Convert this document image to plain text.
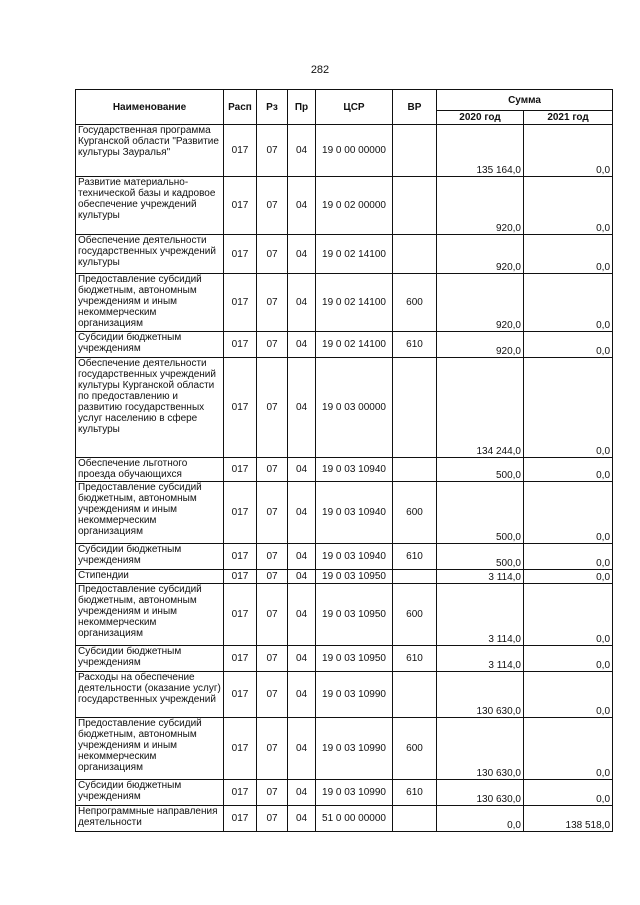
282
Наименование	Расп	Рз	Пр	ЦСР	ВР	Сумма	
						2020 год	2021 год
Государственная программа Курганской области "Развитие культуры Зауралья"	017	07	04	19 0 00 00000		135 164,0	0,0
Развитие материально-технической базы и кадровое обеспечение учреждений культуры	017	07	04	19 0 02 00000		920,0	0,0
Обеспечение деятельности государственных учреждений культуры	017	07	04	19 0 02 14100		920,0	0,0
Предоставление субсидий бюджетным, автономным учреждениям и иным некоммерческим организациям	017	07	04	19 0 02 14100	600	920,0	0,0
Субсидии бюджетным учреждениям	017	07	04	19 0 02 14100	610	920,0	0,0
Обеспечение деятельности государственных учреждений культуры Курганской области по предоставлению и развитию государственных услуг населению в сфере культуры	017	07	04	19 0 03 00000		134 244,0	0,0
Обеспечение льготного проезда обучающихся	017	07	04	19 0 03 10940		500,0	0,0
Предоставление субсидий бюджетным, автономным учреждениям и иным некоммерческим организациям	017	07	04	19 0 03 10940	600	500,0	0,0
Субсидии бюджетным учреждениям	017	07	04	19 0 03 10940	610	500,0	0,0
Стипендии	017	07	04	19 0 03 10950		3 114,0	0,0
Предоставление субсидий бюджетным, автономным учреждениям и иным некоммерческим организациям	017	07	04	19 0 03 10950	600	3 114,0	0,0
Субсидии бюджетным учреждениям	017	07	04	19 0 03 10950	610	3 114,0	0,0
Расходы на обеспечение деятельности (оказание услуг) государственных учреждений	017	07	04	19 0 03 10990		130 630,0	0,0
Предоставление субсидий бюджетным, автономным учреждениям и иным некоммерческим организациям	017	07	04	19 0 03 10990	600	130 630,0	0,0
Субсидии бюджетным учреждениям	017	07	04	19 0 03 10990	610	130 630,0	0,0
Непрограммные направления деятельности	017	07	04	51 0 00 00000		0,0	138 518,0
